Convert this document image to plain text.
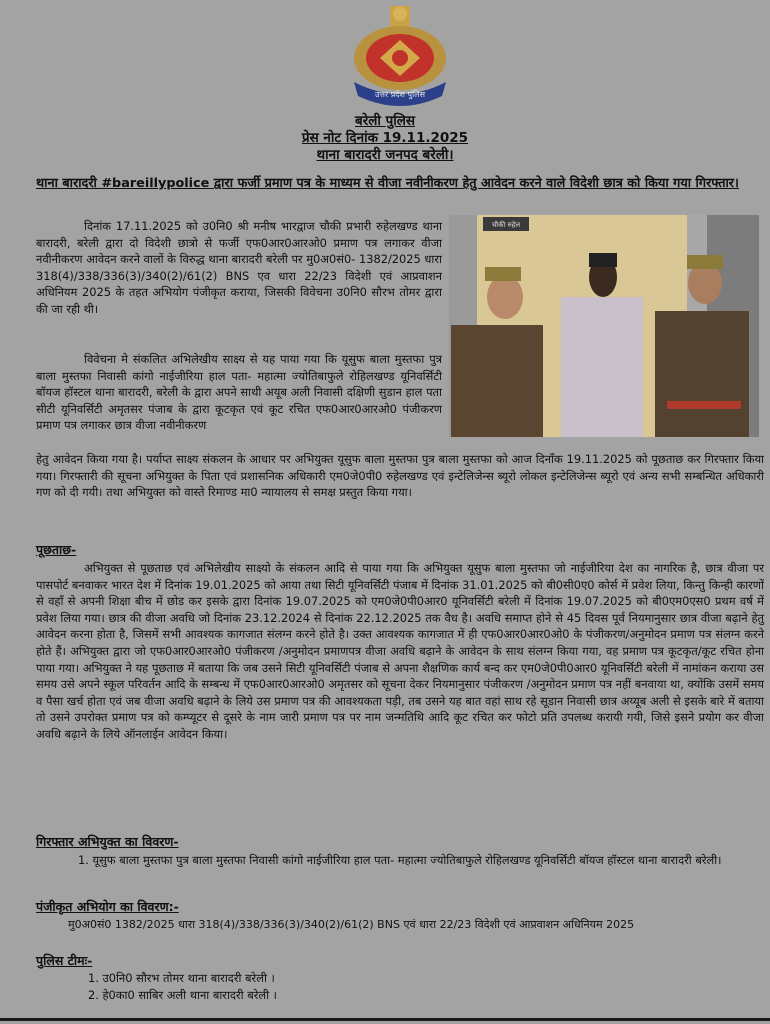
उत्तर प्रदेश पुलिस
बरेली पुलिस
प्रेस नोट दिनांक 19.11.2025
थाना बारादरी जनपद बरेली।
थाना बारादरी #bareillypolice द्वारा फर्जी प्रमाण पत्र के माध्यम से वीजा नवीनीकरण हेतु आवेदन करने वाले विदेशी छात्र को किया गया गिरफ्तार।
दिनांक 17.11.2025 को उ0नि0 श्री मनीष भारद्वाज चौकी प्रभारी रुहेलखण्ड थाना बारादरी, बरेली द्वारा दो विदेशी छात्रो से फर्जी एफ0आर0आरओ0 प्रमाण पत्र लगाकर वीजा नवीनीकरण आवेदन करने वालों के विरुद्ध थाना बारादरी बरेली पर मु0अ0सं0- 1382/2025 धारा 318(4)/338/336(3)/340(2)/61(2) BNS एव धारा 22/23 विदेशी एवं आप्रवाशन अधिनियम 2025 के तहत अभियोग पंजीकृत कराया, जिसकी विवेचना उ0नि0 सौरभ तोमर द्वारा की जा रही थी।
विवेचना मे संकलित अभिलेखीय साक्ष्य से यह पाया गया कि यूसुफ बाला मुस्तफा पुत्र बाला मुस्तफा निवासी कांगो नाईजीरिया हाल पता- महात्मा ज्योतिबाफुले रोहिलखण्ड यूनिवर्सिटी बॉयज हॉस्टल थाना बारादरी, बरेली के द्वारा अपने साथी अयूब अली निवासी दक्षिणी सुडान हाल पता सीटी यूनिवर्सिटी अमृतसर पंजाब के द्वारा कूटकृत एवं कूट रचित एफ0आर0आरओ0 पंजीकरण प्रमाण पत्र लगाकर छात्र वीजा नवीनीकरण
चौकी रुहेल
हेतु आवेदन किया गया है। पर्याप्त साक्ष्य संकलन के आधार पर अभियुक्त यूसुफ बाला मुस्तफा पुत्र बाला मुस्तफा को आज दिनाँक 19.11.2025 को पूछताछ कर गिरफ्तार किया गया। गिरफ्तारी की सूचना अभियुक्त के पिता एवं प्रशासनिक अधिकारी एम0जे0पी0 रुहेलखण्ड एवं इन्टेलिजेन्स ब्यूरो लोकल इन्टेलिजेन्स ब्यूरो एवं अन्य सभी सम्बन्धित अधिकारी गण को दी गयी। तथा अभियुक्त को वास्ते रिमाण्ड मा0 न्यायालय से समक्ष प्रस्तुत किया गया।
पूछताछ-
अभियुक्त से पूछताछ एवं अभिलेखीय साक्ष्यो के संकलन आदि से पाया गया कि अभियुक्त यूसुफ बाला मुस्तफा जो नाईजीरिया देश का नागरिक है, छात्र वीजा पर पासपोर्ट बनवाकर भारत देश में दिनांक 19.01.2025 को आया तथा सिटी यूनिवर्सिटी पंजाब में दिनांक 31.01.2025 को बी0सी0ए0 कोर्स में प्रवेश लिया, किन्तु किन्ही कारणों से वहाँ से अपनी शिक्षा बीच में छोड कर इसके द्वारा दिनांक 19.07.2025 को एम0जे0पी0आर0 यूनिवर्सिटी बरेली में दिनांक 19.07.2025 को बी0एम0एस0 प्रथम वर्ष में प्रवेश लिया गया। छात्र की वीजा अवधि जो दिनांक 23.12.2024 से दिनांक 22.12.2025 तक वैध है। अवधि समाप्त होने से 45 दिवस पूर्व नियमानुसार छात्र वीजा बढ़ाने हेतु आवेदन करना होता है, जिसमें सभी आवश्यक कागजात संलग्न करने होते है। उक्त आवश्यक कागजात में ही एफ0आर0आर0ओ0 के पंजीकरण/अनुमोदन प्रमाण पत्र संलग्न करने होते हैं। अभियुक्त द्वारा जो एफ0आर0आरओ0 पंजीकरण /अनुमोदन प्रमाणपत्र वीजा अवधि बढ़ाने के आवेदन के साथ संलग्न किया गया, वह प्रमाण पत्र कूटकृत/कूट रचित होना पाया गया। अभियुक्त ने यह पूछताछ में बताया कि जब उसने सिटी यूनिवर्सिटी पंजाब से अपना शैक्षणिक कार्य बन्द कर एम0जे0पी0आर0 यूनिवर्सिटी बरेली में नामांकन कराया उस समय उसे अपने स्कूल परिवर्तन आदि के सम्बन्ध में एफ0आर0आरओ0 अमृतसर को सूचना देकर नियमानुसार पंजीकरण /अनुमोदन प्रमाण पत्र नहीं बनवाया था, क्योंकि उसमें समय व पैसा खर्च होता एवं जब वीजा अवधि बढ़ाने के लिये उस प्रमाण पत्र की आवश्यकता पड़ी, तब उसने यह बात वहां साथ रहे सूडान निवासी छात्र अय्यूब अली से इसके बारे में बताया तो उसने उपरोक्त प्रमाण पत्र को कम्प्यूटर से दूसरे के नाम जारी प्रमाण पत्र पर नाम जन्मतिथि आदि कूट रचित कर फोटो प्रति उपलब्ध करायी गयी, जिसे इसने प्रयोग कर वीजा अवधि बढ़ाने के लिये ऑनलाईन आवेदन किया।
गिरफ्तार अभियुक्त का विवरण-
1. यूसुफ बाला मुस्तफा पुत्र बाला मुस्तफा निवासी कांगो नाईजीरिया हाल पता- महात्मा ज्योतिबाफुले रोहिलखण्ड यूनिवर्सिटी बॉयज हॉस्टल थाना बारादरी बरेली।
पंजीकृत अभियोग का विवरण:-
मु0अ0सं0 1382/2025 धारा 318(4)/338/336(3)/340(2)/61(2) BNS एवं धारा 22/23 विदेशी एवं आप्रवाशन अधिनियम 2025
पुलिस टीमः-
1. उ0नि0 सौरभ तोमर थाना बारादरी बरेली ।
2. हे0का0 साबिर अली थाना बारादरी बरेली ।
